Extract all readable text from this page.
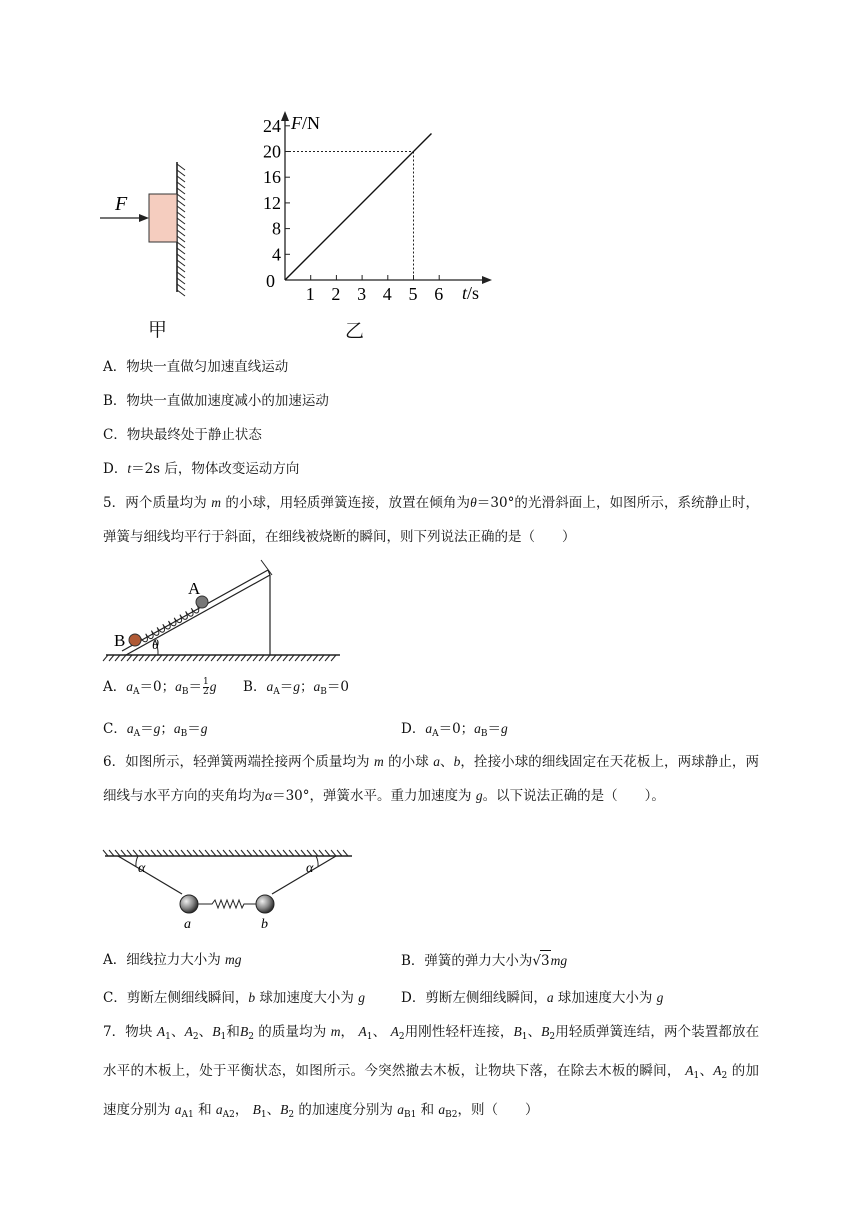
F
甲
F/N
t/s
0
1 2 3 4 5 6
24
20
16
12
8
4
乙
A．物块一直做匀加速直线运动
B．物块一直做加速度减小的加速运动
C．物块最终处于静止状态
D．t＝2s 后，物体改变运动方向
5．两个质量均为 m 的小球，用轻质弹簧连接，放置在倾角为θ＝30°的光滑斜面上，如图所示，系统静止时，弹簧与细线均平行于斜面，在细线被烧断的瞬间，则下列说法正确的是（　　）
A
B θ
A．$a_A=0$；$a_B= \frac{1}{2}$ g B．$a_A=g$；$a_B=0$
C．$a_A=g$；$a_B=g$	D．$a_A=0$；$a_B=g$
6．如图所示，轻弹簧两端拴接两个质量均为 m 的小球 a、b，拴接小球的细线固定在天花板上，两球静止，两细线与水平方向的夹角均为α＝30°，弹簧水平。重力加速度为 g。以下说法正确的是（　　）。
α	α
a	b
A．细线拉力大小为 mg	B．弹簧的弹力大小为√3mg
C．剪断左侧细线瞬间，b 球加速度大小为 g	D．剪断左侧细线瞬间，a 球加速度大小为 g
7．物块 $A_1$、$A_2$、$B_1$和$B_2$ 的质量均为 m， $A_1$、 $A_2$用刚性轻杆连接，$B_1$、$B_2$用轻质弹簧连结，两个装置都放在水平的木板上，处于平衡状态，如图所示。今突然撤去木板，让物块下落，在除去木板的瞬间， $A_1$、$A_2$ 的加速度分别为 $a_{A1}$ 和 $a_{A2}$， $B_1$、$B_2$ 的加速度分别为 $a_{B1}$ 和 $a_{B2}$，则（　　）
